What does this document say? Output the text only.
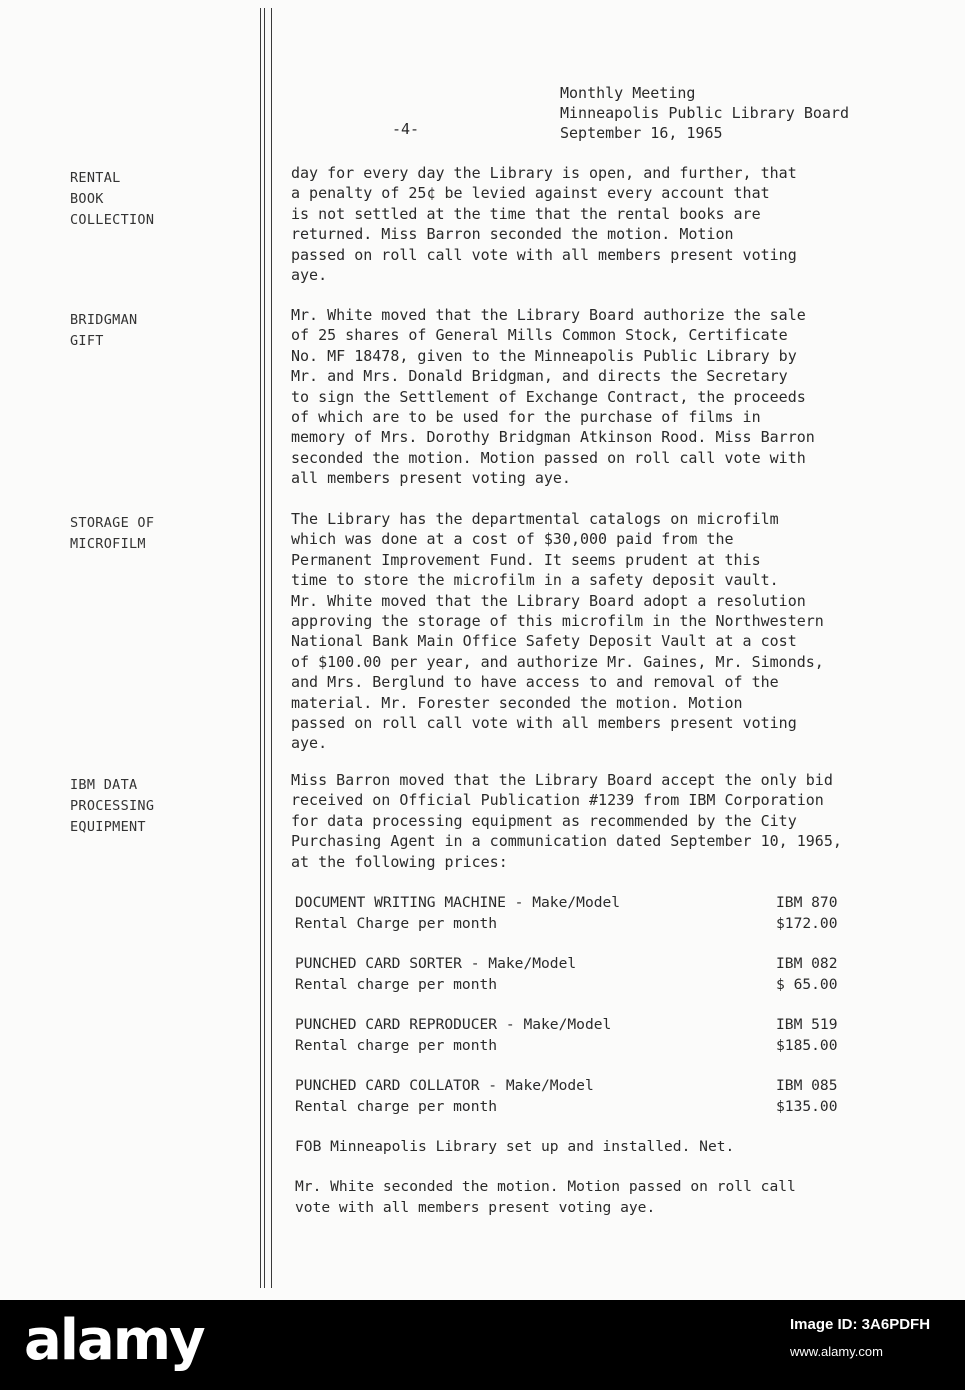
Monthly Meeting
Minneapolis Public Library Board
September 16, 1965
-4-
RENTAL
BOOK
COLLECTION
day for every day the Library is open, and further, that
a penalty of 25¢ be levied against every account that
is not settled at the time that the rental books are
returned. Miss Barron seconded the motion. Motion
passed on roll call vote with all members present voting
aye.
BRIDGMAN
GIFT
Mr. White moved that the Library Board authorize the sale
of 25 shares of General Mills Common Stock, Certificate
No. MF 18478, given to the Minneapolis Public Library by
Mr. and Mrs. Donald Bridgman, and directs the Secretary
to sign the Settlement of Exchange Contract, the proceeds
of which are to be used for the purchase of films in
memory of Mrs. Dorothy Bridgman Atkinson Rood. Miss Barron
seconded the motion. Motion passed on roll call vote with
all members present voting aye.
STORAGE OF
MICROFILM
The Library has the departmental catalogs on microfilm
which was done at a cost of $30,000 paid from the
Permanent Improvement Fund. It seems prudent at this
time to store the microfilm in a safety deposit vault.
Mr. White moved that the Library Board adopt a resolution
approving the storage of this microfilm in the Northwestern
National Bank Main Office Safety Deposit Vault at a cost
of $100.00 per year, and authorize Mr. Gaines, Mr. Simonds,
and Mrs. Berglund to have access to and removal of the
material. Mr. Forester seconded the motion. Motion
passed on roll call vote with all members present voting
aye.
IBM DATA
PROCESSING
EQUIPMENT
Miss Barron moved that the Library Board accept the only bid
received on Official Publication #1239 from IBM Corporation
for data processing equipment as recommended by the City
Purchasing Agent in a communication dated September 10, 1965,
at the following prices:
DOCUMENT WRITING MACHINE - Make/Model
Rental Charge per month
IBM 870
$172.00
PUNCHED CARD SORTER - Make/Model
Rental charge per month
IBM 082
$ 65.00
PUNCHED CARD REPRODUCER - Make/Model
Rental charge per month
IBM 519
$185.00
PUNCHED CARD COLLATOR - Make/Model
Rental charge per month
IBM 085
$135.00
FOB Minneapolis Library set up and installed. Net.
Mr. White seconded the motion. Motion passed on roll call
vote with all members present voting aye.
alamy	Image ID: 3A6PDFH
www.alamy.com
